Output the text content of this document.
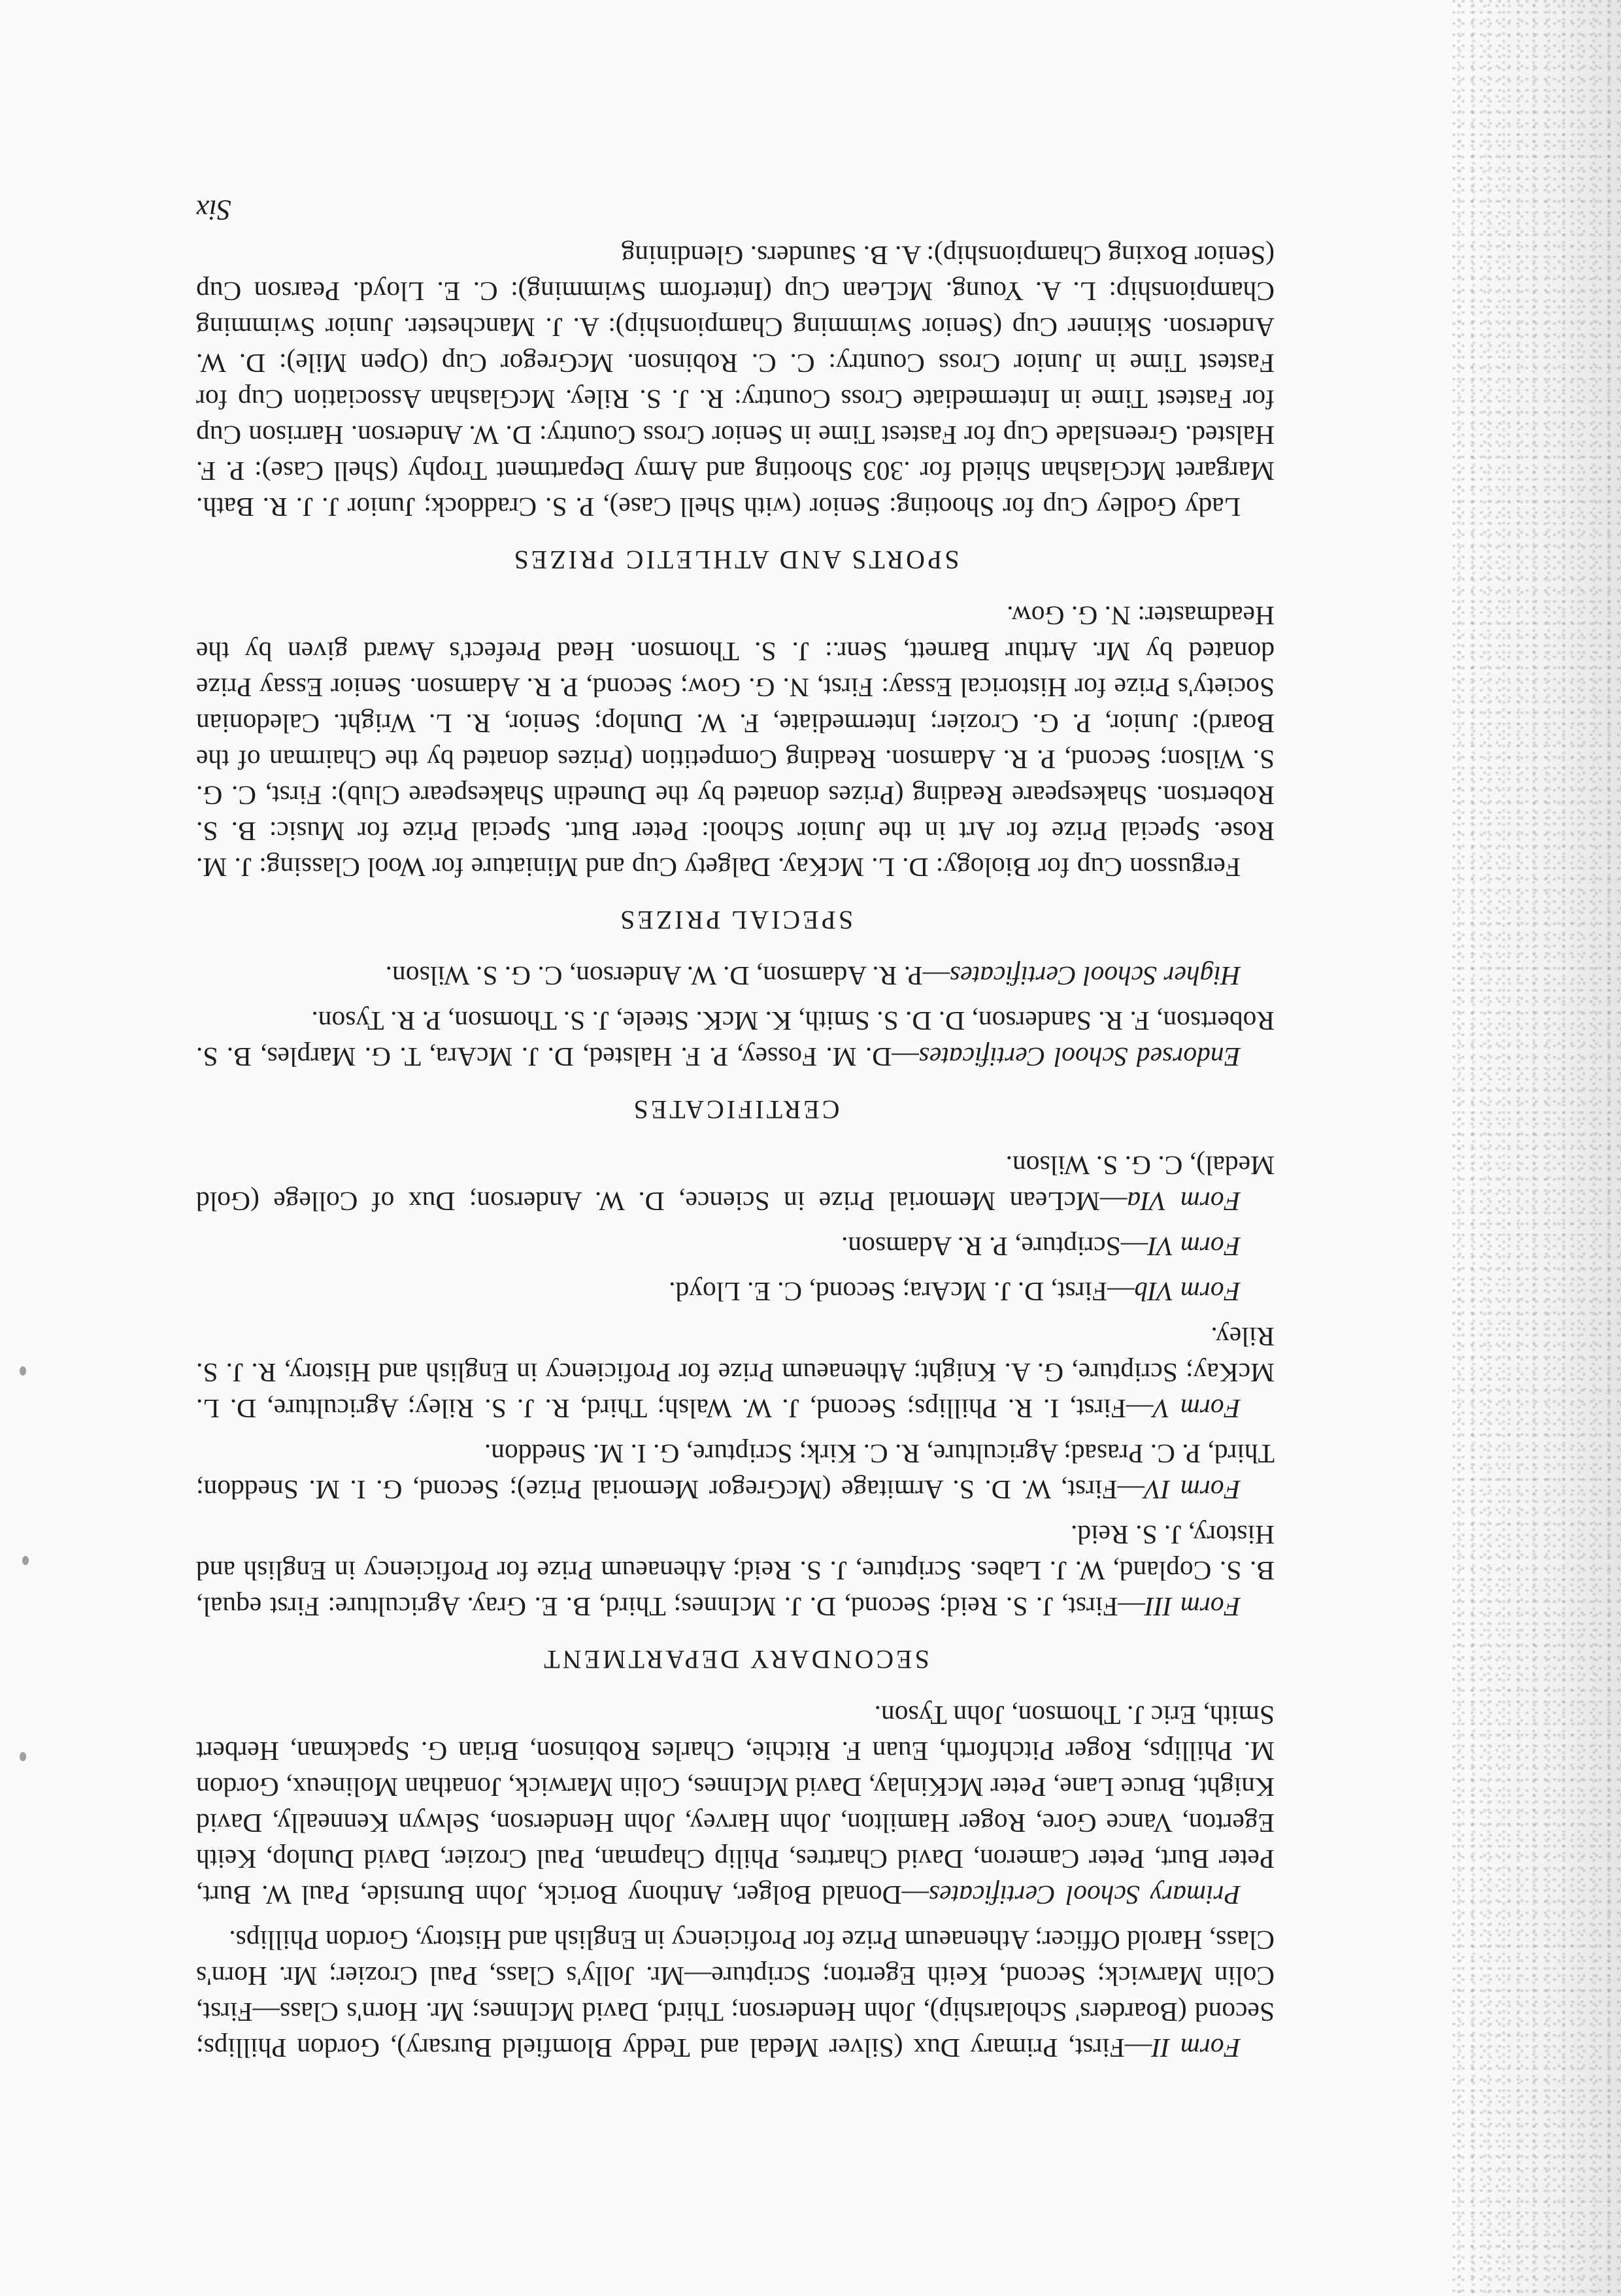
Form II—First, Primary Dux (Silver Medal and Teddy Blomfield Bursary), Gordon Phillips; Second (Boarders' Scholarship), John Henderson; Third, David McInnes; Mr. Horn's Class—First, Colin Marwick; Second, Keith Egerton; Scripture—Mr. Jolly's Class, Paul Crozier; Mr. Horn's Class, Harold Officer; Athenaeum Prize for Proficiency in English and History, Gordon Phillips.
Primary School Certificates—Donald Bolger, Anthony Borick, John Burnside, Paul W. Burt, Peter Burt, Peter Cameron, David Chartres, Philip Chapman, Paul Crozier, David Dunlop, Keith Egerton, Vance Gore, Roger Hamilton, John Harvey, John Henderson, Selwyn Kenneally, David Knight, Bruce Lane, Peter McKinlay, David McInnes, Colin Marwick, Jonathan Molineux, Gordon M. Phillips, Roger Pitchforth, Euan F. Ritchie, Charles Robinson, Brian G. Spackman, Herbert Smith, Eric J. Thomson, John Tyson.
SECONDARY DEPARTMENT
Form III—First, J. S. Reid; Second, D. J. McInnes; Third, B. E. Gray. Agriculture: First equal, B. S. Copland, W. J. Labes. Scripture, J. S. Reid; Athenaeum Prize for Proficiency in English and History, J. S. Reid.
Form IV—First, W. D. S. Armitage (McGregor Memorial Prize); Second, G. I. M. Sneddon; Third, P. C. Prasad; Agriculture, R. C. Kirk; Scripture, G. I. M. Sneddon.
Form V—First, I. R. Phillips; Second, J. W. Walsh; Third, R. J. S. Riley; Agriculture, D. L. McKay; Scripture, G. A. Knight; Athenaeum Prize for Proficiency in English and History, R. J. S. Riley.
Form VIb—First, D. J. McAra; Second, C. E. Lloyd.
Form VI—Scripture, P. R. Adamson.
Form VIa—McLean Memorial Prize in Science, D. W. Anderson; Dux of College (Gold Medal), C. G. S. Wilson.
CERTIFICATES
Endorsed School Certificates—D. M. Fossey, P. F. Halsted, D. J. McAra, T. G. Marples, B. S. Robertson, F. R. Sanderson, D. D. S. Smith, K. McK. Steele, J. S. Thomson, P. R. Tyson.
Higher School Certificates—P. R. Adamson, D. W. Anderson, C. G. S. Wilson.
SPECIAL PRIZES
Fergusson Cup for Biology: D. L. McKay. Dalgety Cup and Miniature for Wool Classing: J. M. Rose. Special Prize for Art in the Junior School: Peter Burt. Special Prize for Music: B. S. Robertson. Shakespeare Reading (Prizes donated by the Dunedin Shakespeare Club): First, C. G. S. Wilson; Second, P. R. Adamson. Reading Competition (Prizes donated by the Chairman of the Board): Junior, P. G. Crozier; Intermediate, F. W. Dunlop; Senior, R. L. Wright. Caledonian Society's Prize for Historical Essay: First, N. G. Gow; Second, P. R. Adamson. Senior Essay Prize donated by Mr. Arthur Barnett, Senr.: J. S. Thomson. Head Prefect's Award given by the Headmaster: N. G. Gow.
SPORTS AND ATHLETIC PRIZES
Lady Godley Cup for Shooting: Senior (with Shell Case), P. S. Craddock; Junior J. J. R. Bath. Margaret McGlashan Shield for .303 Shooting and Army Department Trophy (Shell Case): P. F. Halsted. Greenslade Cup for Fastest Time in Senior Cross Country: D. W. Anderson. Harrison Cup for Fastest Time in Intermediate Cross Country: R. J. S. Riley. McGlashan Association Cup for Fastest Time in Junior Cross Country: C. C. Robinson. McGregor Cup (Open Mile): D. W. Anderson. Skinner Cup (Senior Swimming Championship): A. J. Manchester. Junior Swimming Championship: L. A. Young. McLean Cup (Interform Swimming): C. E. Lloyd. Pearson Cup (Senior Boxing Championship): A. B. Saunders. Glendining
Six
